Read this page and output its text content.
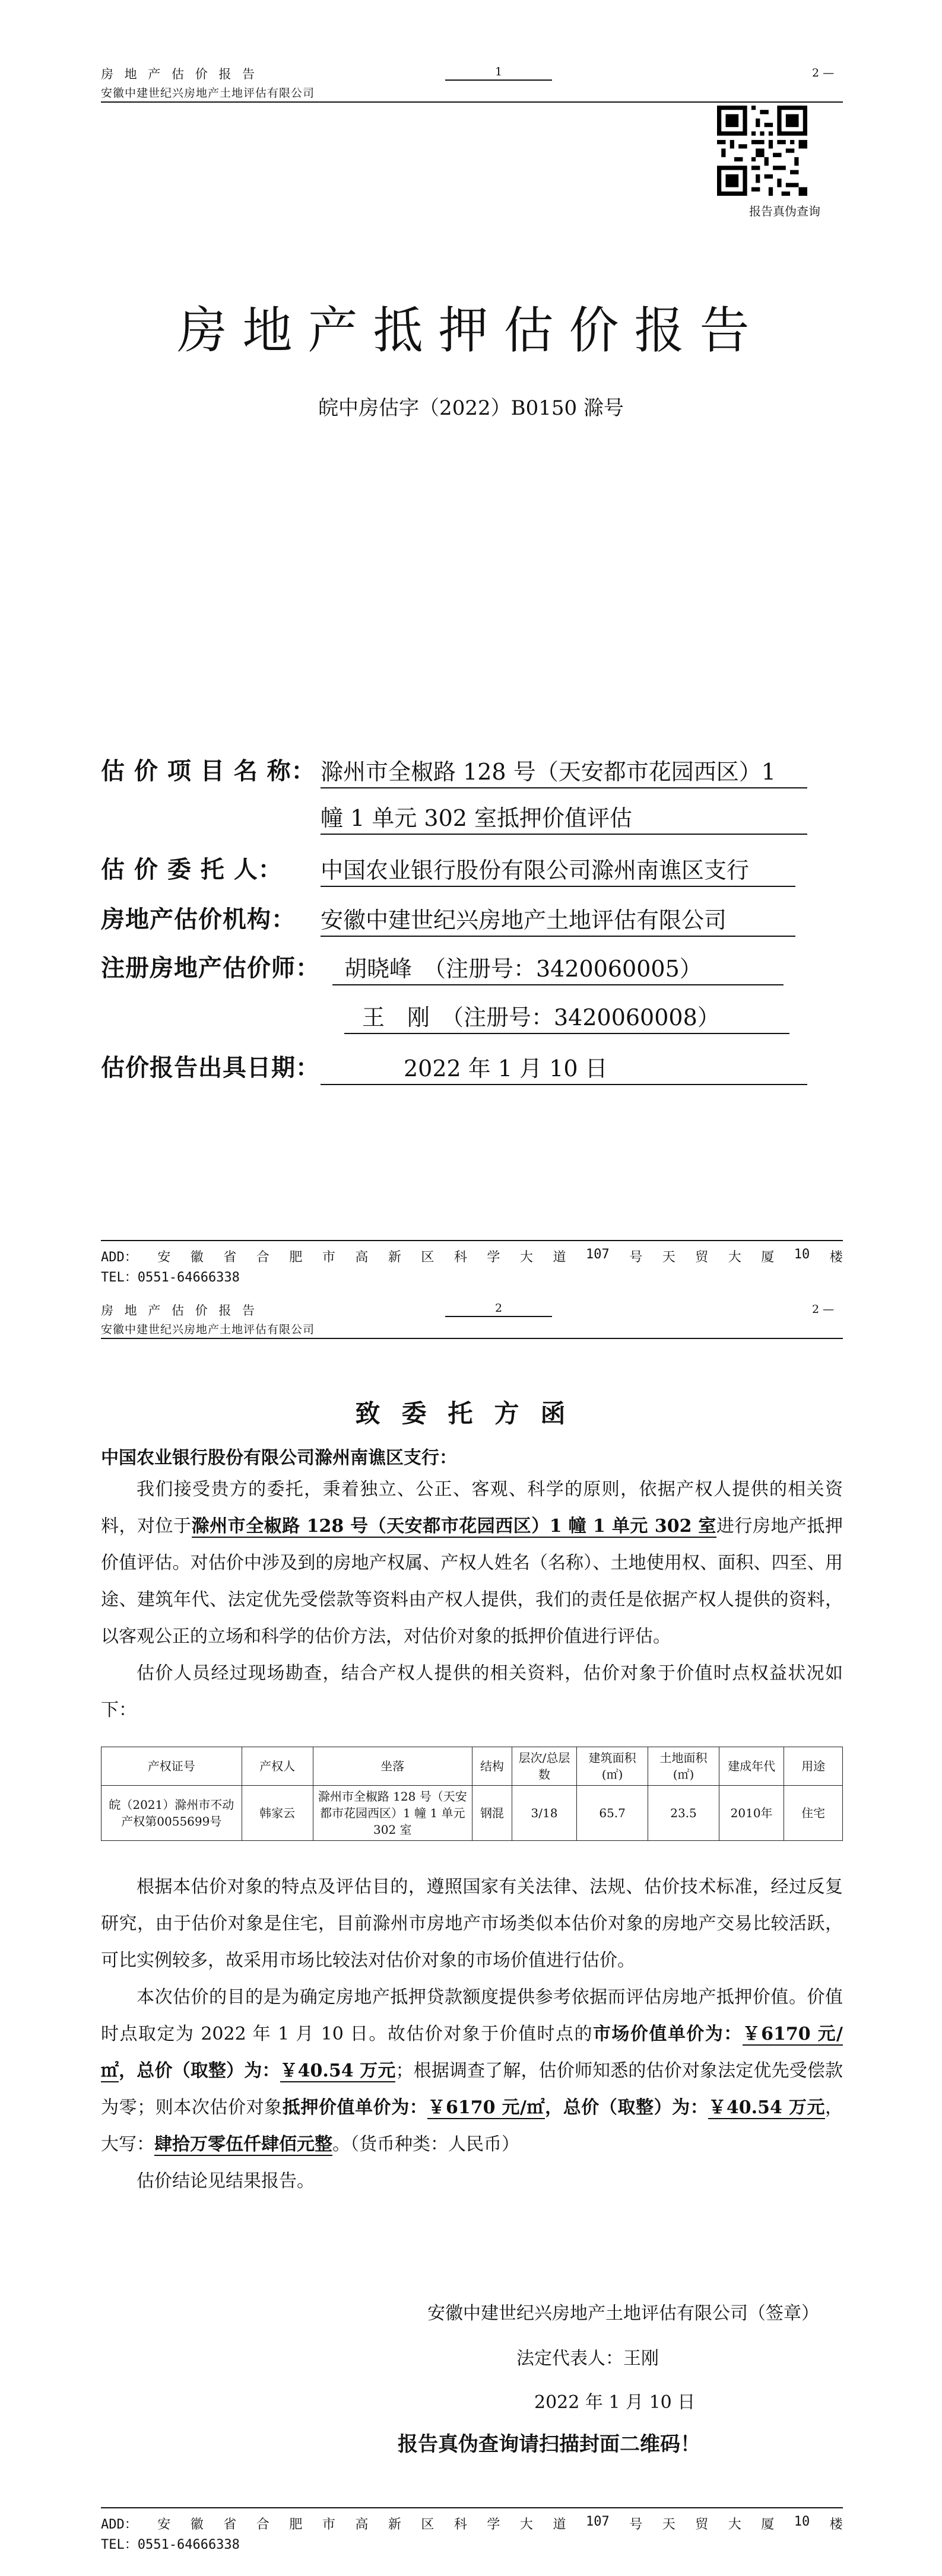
房 地 产 估 价 报 告	1	2 —
安徽中建世纪兴房地产土地评估有限公司
报告真伪查询
房地产抵押估价报告
皖中房估字（2022）B0150 滁号
估 价 项 目 名 称： 滁州市全椒路 128 号（天安都市花园西区）1
幢 1 单元 302 室抵押价值评估
估 价 委 托 人： 中国农业银行股份有限公司滁州南谯区支行
房地产估价机构： 安徽中建世纪兴房地产土地评估有限公司
注册房地产估价师：	胡晓峰　（注册号：3420060005）
王　刚　（注册号：3420060008）
估价报告出具日期：	2022 年 1 月 10 日
ADD： 安 徽 省 合 肥 市 高 新 区 科 学 大 道 107 号 天 贸 大 厦 10 楼
TEL：0551-64666338
房 地 产 估 价 报 告	2	2 —
安徽中建世纪兴房地产土地评估有限公司
致委托方函
中国农业银行股份有限公司滁州南谯区支行：

我们接受贵方的委托，秉着独立、公正、客观、科学的原则，依据产权人提供的相关资料，对位于滁州市全椒路 128 号（天安都市花园西区）1 幢 1 单元 302 室进行房地产抵押价值评估。对估价中涉及到的房地产权属、产权人姓名（名称）、土地使用权、面积、四至、用途、建筑年代、法定优先受偿款等资料由产权人提供，我们的责任是依据产权人提供的资料，以客观公正的立场和科学的估价方法，对估价对象的抵押价值进行评估。

估价人员经过现场勘查，结合产权人提供的相关资料，估价对象于价值时点权益状况如下：

产权证号	产权人	坐落	结构	层次/总层数	建筑面积(㎡)	土地面积(㎡)	建成年代	用途
皖（2021）滁州市不动产权第0055699号	韩家云	滁州市全椒路 128 号（天安都市花园西区）1 幢 1 单元 302 室	钢混	3/18	65.7	23.5	2010年	住宅

根据本估价对象的特点及评估目的，遵照国家有关法律、法规、估价技术标准，经过反复研究，由于估价对象是住宅，目前滁州市房地产市场类似本估价对象的房地产交易比较活跃，可比实例较多，故采用市场比较法对估价对象的市场价值进行估价。

本次估价的目的是为确定房地产抵押贷款额度提供参考依据而评估房地产抵押价值。价值时点取定为 2022 年 1 月 10 日。故估价对象于价值时点的市场价值单价为：￥6170 元/㎡，总价（取整）为：￥40.54 万元；根据调查了解，估价师知悉的估价对象法定优先受偿款为零；则本次估价对象抵押价值单价为：￥6170 元/㎡，总价（取整）为：￥40.54 万元，大写：肆拾万零伍仟肆佰元整。（货币种类：人民币）

估价结论见结果报告。

安徽中建世纪兴房地产土地评估有限公司（签章）
法定代表人：王刚
2022 年 1 月 10 日
报告真伪查询请扫描封面二维码！
ADD： 安 徽 省 合 肥 市 高 新 区 科 学 大 道 107 号 天 贸 大 厦 10 楼
TEL：0551-64666338
